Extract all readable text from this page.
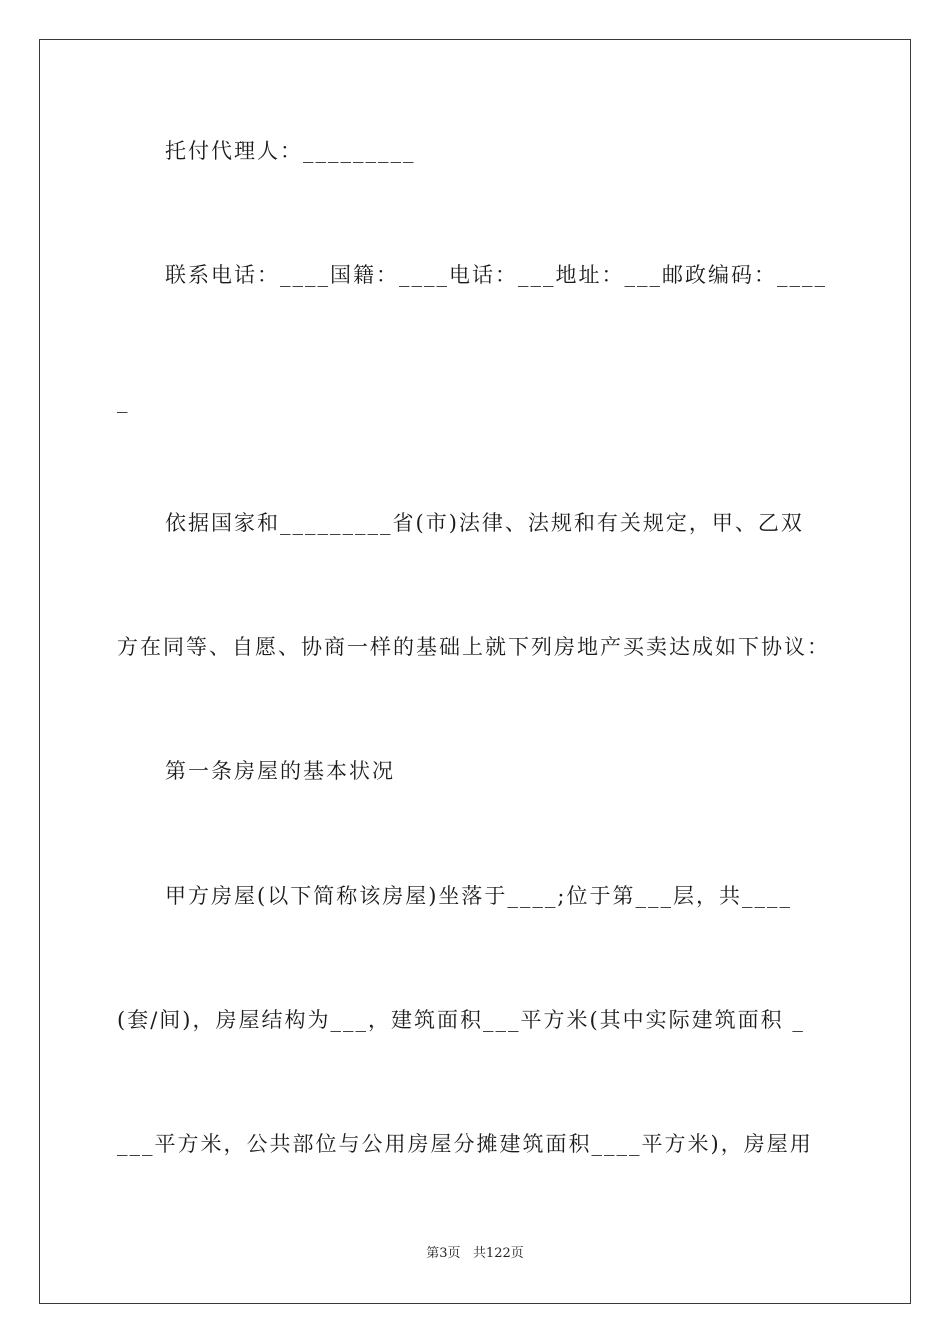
托付代理人：_________
联系电话：____国籍：____电话：___地址：___邮政编码：____
_
依据国家和_________省(市)法律、法规和有关规定，甲、乙双
方在同等、自愿、协商一样的基础上就下列房地产买卖达成如下协议：
第一条房屋的基本状况
甲方房屋(以下简称该房屋)坐落于____;位于第___层，共____
(套/间)，房屋结构为___，建筑面积___平方米(其中实际建筑面积 _
___平方米，公共部位与公用房屋分摊建筑面积____平方米)，房屋用
第3页 共122页
